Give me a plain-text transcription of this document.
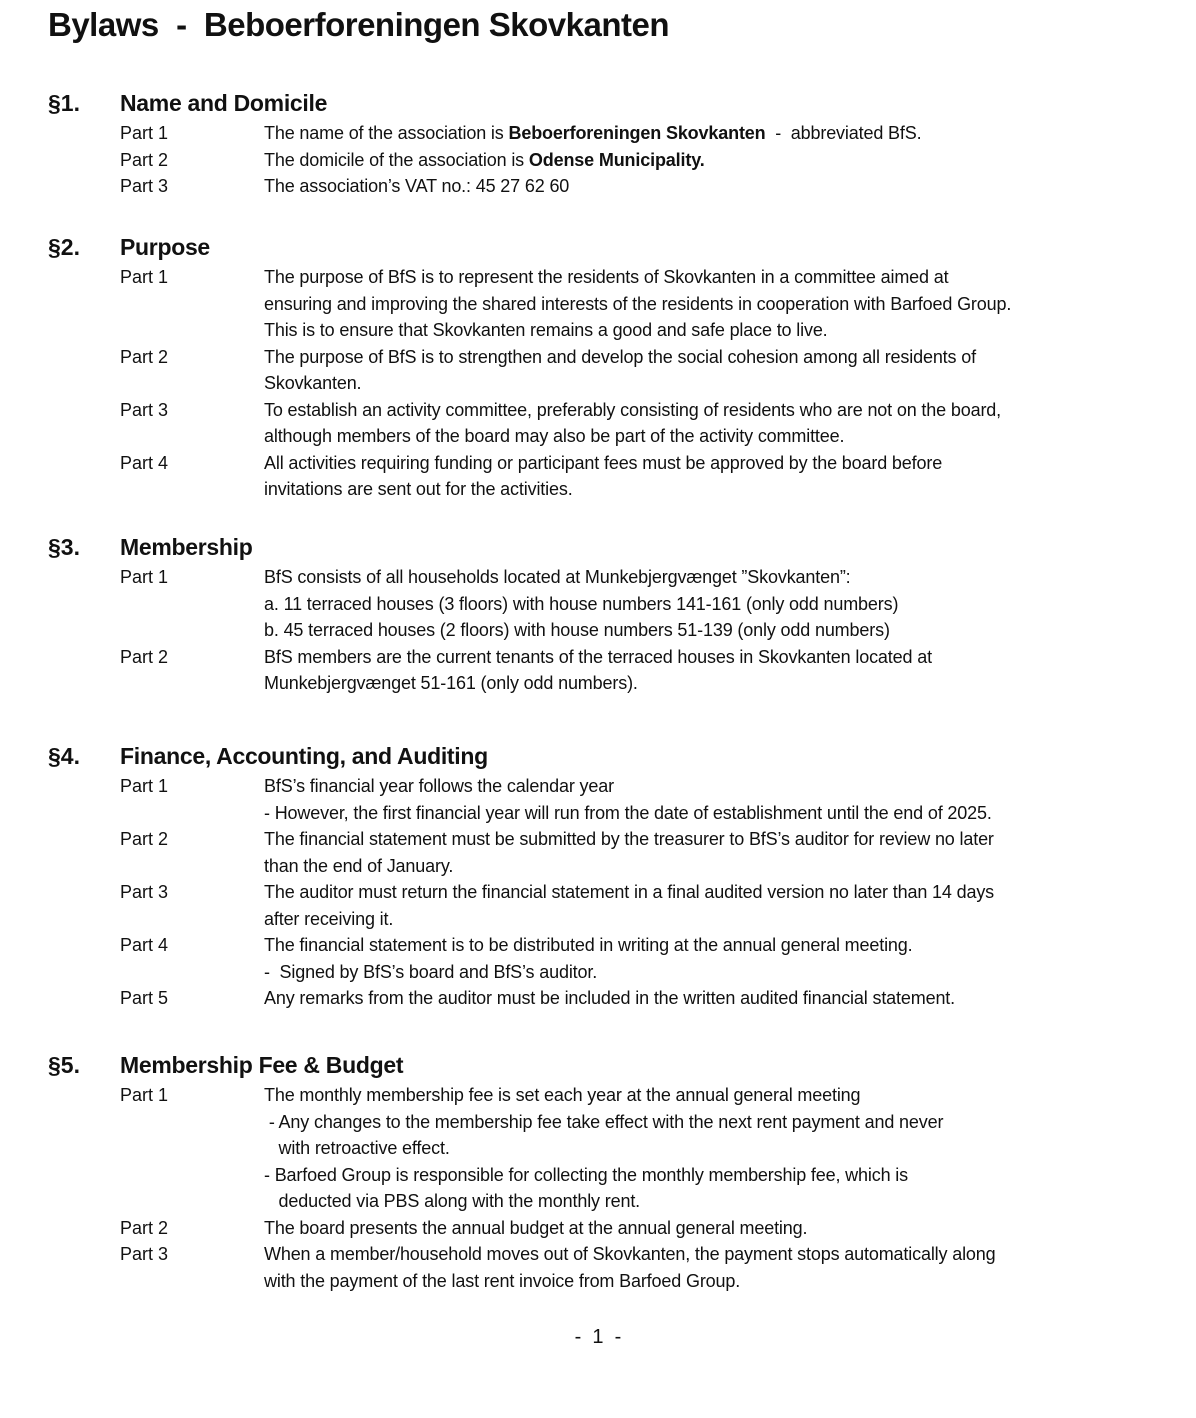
Bylaws  -  Beboerforeningen Skovkanten
§1. Name and Domicile
Part 1	The name of the association is Beboerforeningen Skovkanten  -  abbreviated BfS.
Part 2	The domicile of the association is Odense Municipality.
Part 3	The association’s VAT no.: 45 27 62 60
§2. Purpose
Part 1	The purpose of BfS is to represent the residents of Skovkanten in a committee aimed at
ensuring and improving the shared interests of the residents in cooperation with Barfoed Group.
This is to ensure that Skovkanten remains a good and safe place to live.
Part 2	The purpose of BfS is to strengthen and develop the social cohesion among all residents of
Skovkanten.
Part 3	To establish an activity committee, preferably consisting of residents who are not on the board,
although members of the board may also be part of the activity committee.
Part 4	All activities requiring funding or participant fees must be approved by the board before
invitations are sent out for the activities.
§3. Membership
Part 1	BfS consists of all households located at Munkebjergvænget ”Skovkanten”:
a. 11 terraced houses (3 floors) with house numbers 141-161 (only odd numbers)
b. 45 terraced houses (2 floors) with house numbers 51-139 (only odd numbers)
Part 2	BfS members are the current tenants of the terraced houses in Skovkanten located at
Munkebjergvænget 51-161 (only odd numbers).
§4. Finance, Accounting, and Auditing
Part 1	BfS’s financial year follows the calendar year
- However, the first financial year will run from the date of establishment until the end of 2025.
Part 2	The financial statement must be submitted by the treasurer to BfS’s auditor for review no later
than the end of January.
Part 3	The auditor must return the financial statement in a final audited version no later than 14 days
after receiving it.
Part 4	The financial statement is to be distributed in writing at the annual general meeting.
-  Signed by BfS’s board and BfS’s auditor.
Part 5	Any remarks from the auditor must be included in the written audited financial statement.
§5. Membership Fee & Budget
Part 1	The monthly membership fee is set each year at the annual general meeting
- Any changes to the membership fee take effect with the next rent payment and never
with retroactive effect.
- Barfoed Group is responsible for collecting the monthly membership fee, which is
deducted via PBS along with the monthly rent.
Part 2	The board presents the annual budget at the annual general meeting.
Part 3	When a member/household moves out of Skovkanten, the payment stops automatically along
with the payment of the last rent invoice from Barfoed Group.
-  1  -
